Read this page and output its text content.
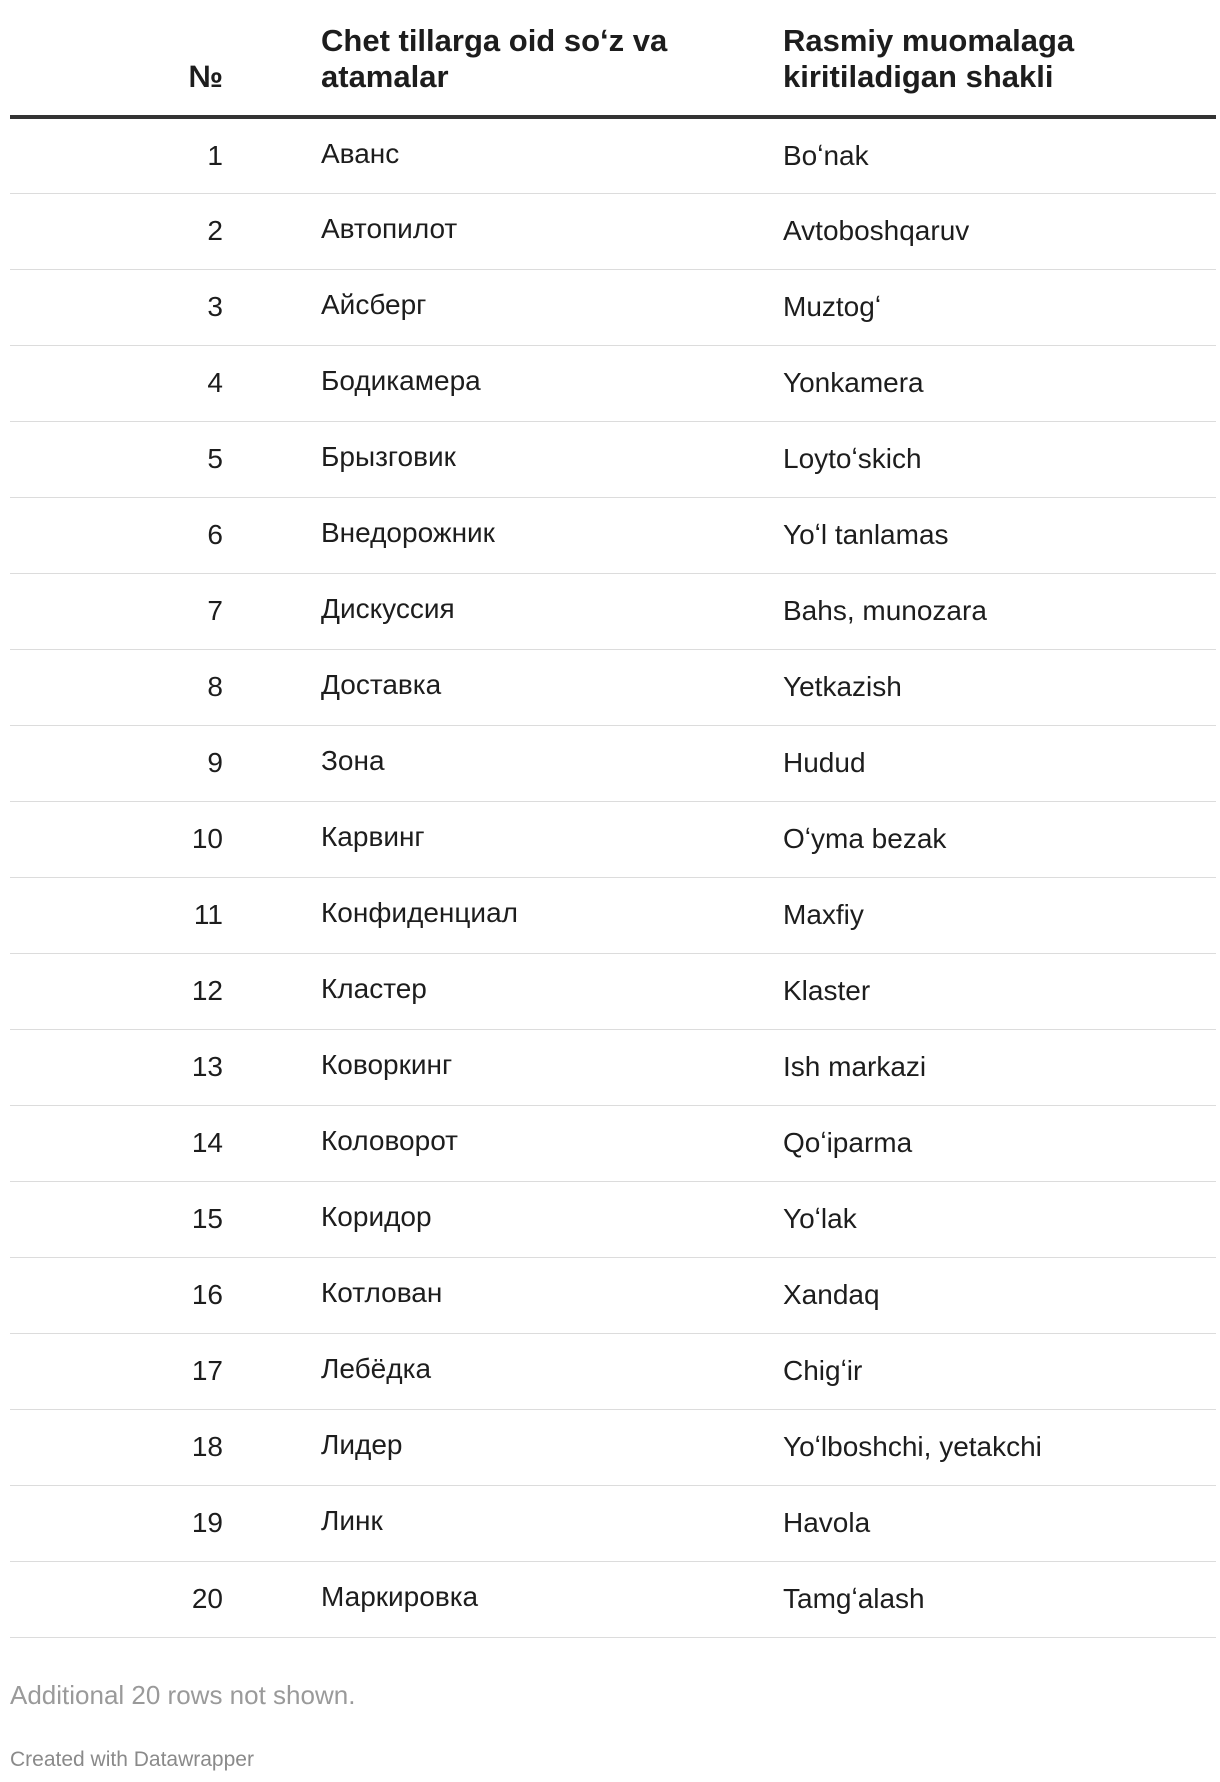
№	Chet tillarga oid soʻz va atamalar	Rasmiy muomalaga kiritiladigan shakli
1	Аванс	Boʻnak
2	Автопилот	Avtoboshqaruv
3	Айсберг	Muztogʻ
4	Бодикамера	Yonkamera
5	Брызговик	Loytoʻskich
6	Внедорожник	Yoʻl tanlamas
7	Дискуссия	Bahs, munozara
8	Доставка	Yetkazish
9	Зона	Hudud
10	Карвинг	Oʻyma bezak
11	Конфиденциал	Maxfiy
12	Кластер	Klaster
13	Коворкинг	Ish markazi
14	Коловорот	Qoʻiparma
15	Коридор	Yoʻlak
16	Котлован	Xandaq
17	Лебёдка	Chigʻir
18	Лидер	Yoʻlboshchi, yetakchi
19	Линк	Havola
20	Маркировка	Tamgʻalash
Additional 20 rows not shown.
Created with Datawrapper
